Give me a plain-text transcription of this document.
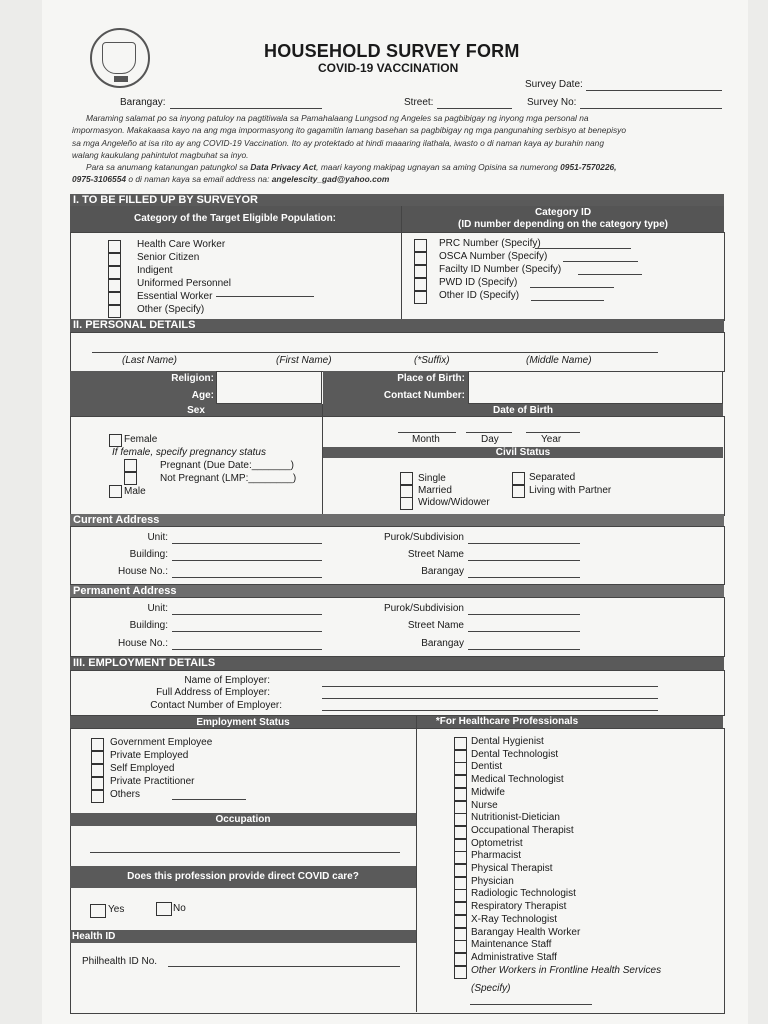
HOUSEHOLD SURVEY FORM
COVID-19 VACCINATION
Survey Date:
Barangay:	Street:	Survey No:
Maraming salamat po sa inyong patuloy na pagtitiwala sa Pamahalaang Lungsod ng Angeles sa pagbibigay ng inyong mga personal na
impormasyon. Makakaasa kayo na ang mga impormasyong ito gagamitin lamang basehan sa pagbibigay ng mga pangunahing serbisyo at benepisyo
sa mga Angeleño at isa rito ay ang COVID-19 Vaccination. Ito ay protektado at hindi maaaring ilathala, iwasto o di naman kaya ay burahin nang
walang kaukulang pahintulot magbuhat sa inyo.
Para sa anumang katanungan patungkol sa Data Privacy Act, maari kayong makipag ugnayan sa aming Opisina sa numerong 0951-7570226,
0975-3106554 o di naman kaya sa email address na: angelescity_gad@yahoo.com
I. TO BE FILLED UP BY SURVEYOR
Category of the Target Eligible Population:
Category ID
(ID number depending on the category type)
Health Care Worker
Senior Citizen
Indigent
Uniformed Personnel
Essential Worker
Other (Specify)
PRC Number (Specify)
OSCA Number (Specify)
Facilty ID Number (Specify)
PWD ID (Specify)
Other ID (Specify)
II. PERSONAL DETAILS
(Last Name)	(First Name)	(*Suffix)	(Middle Name)
Religion:
Age:
Place of Birth:
Contact Number:
Sex	Date of Birth
Female
If female, specify pregnancy status
Pregnant (Due Date:_______)
Not Pregnant (LMP:________)
Male
Month	Day	Year
Civil Status
Single
Married
Widow/Widower
Separated
Living with Partner
Current Address
Unit:
Building:
House No.:
Purok/Subdivision
Street Name
Barangay
Permanent Address
Unit:
Building:
House No.:
Purok/Subdivision
Street Name
Barangay
III. EMPLOYMENT DETAILS
Name of Employer:
Full Address of Employer:
Contact Number of Employer:
Employment Status	*For Healthcare Professionals
Government Employee
Private Employed
Self Employed
Private Practitioner
Others
Occupation
Does this profession provide direct COVID care?
Yes	No
Health ID
Philhealth ID No.
Dental Hygienist
Dental Technologist
Dentist
Medical Technologist
Midwife
Nurse
Nutritionist-Dietician
Occupational Therapist
Optometrist
Pharmacist
Physical Therapist
Physician
Radiologic Technologist
Respiratory Therapist
X-Ray Technologist
Barangay Health Worker
Maintenance Staff
Administrative Staff
Other Workers in Frontline Health Services
(Specify)
